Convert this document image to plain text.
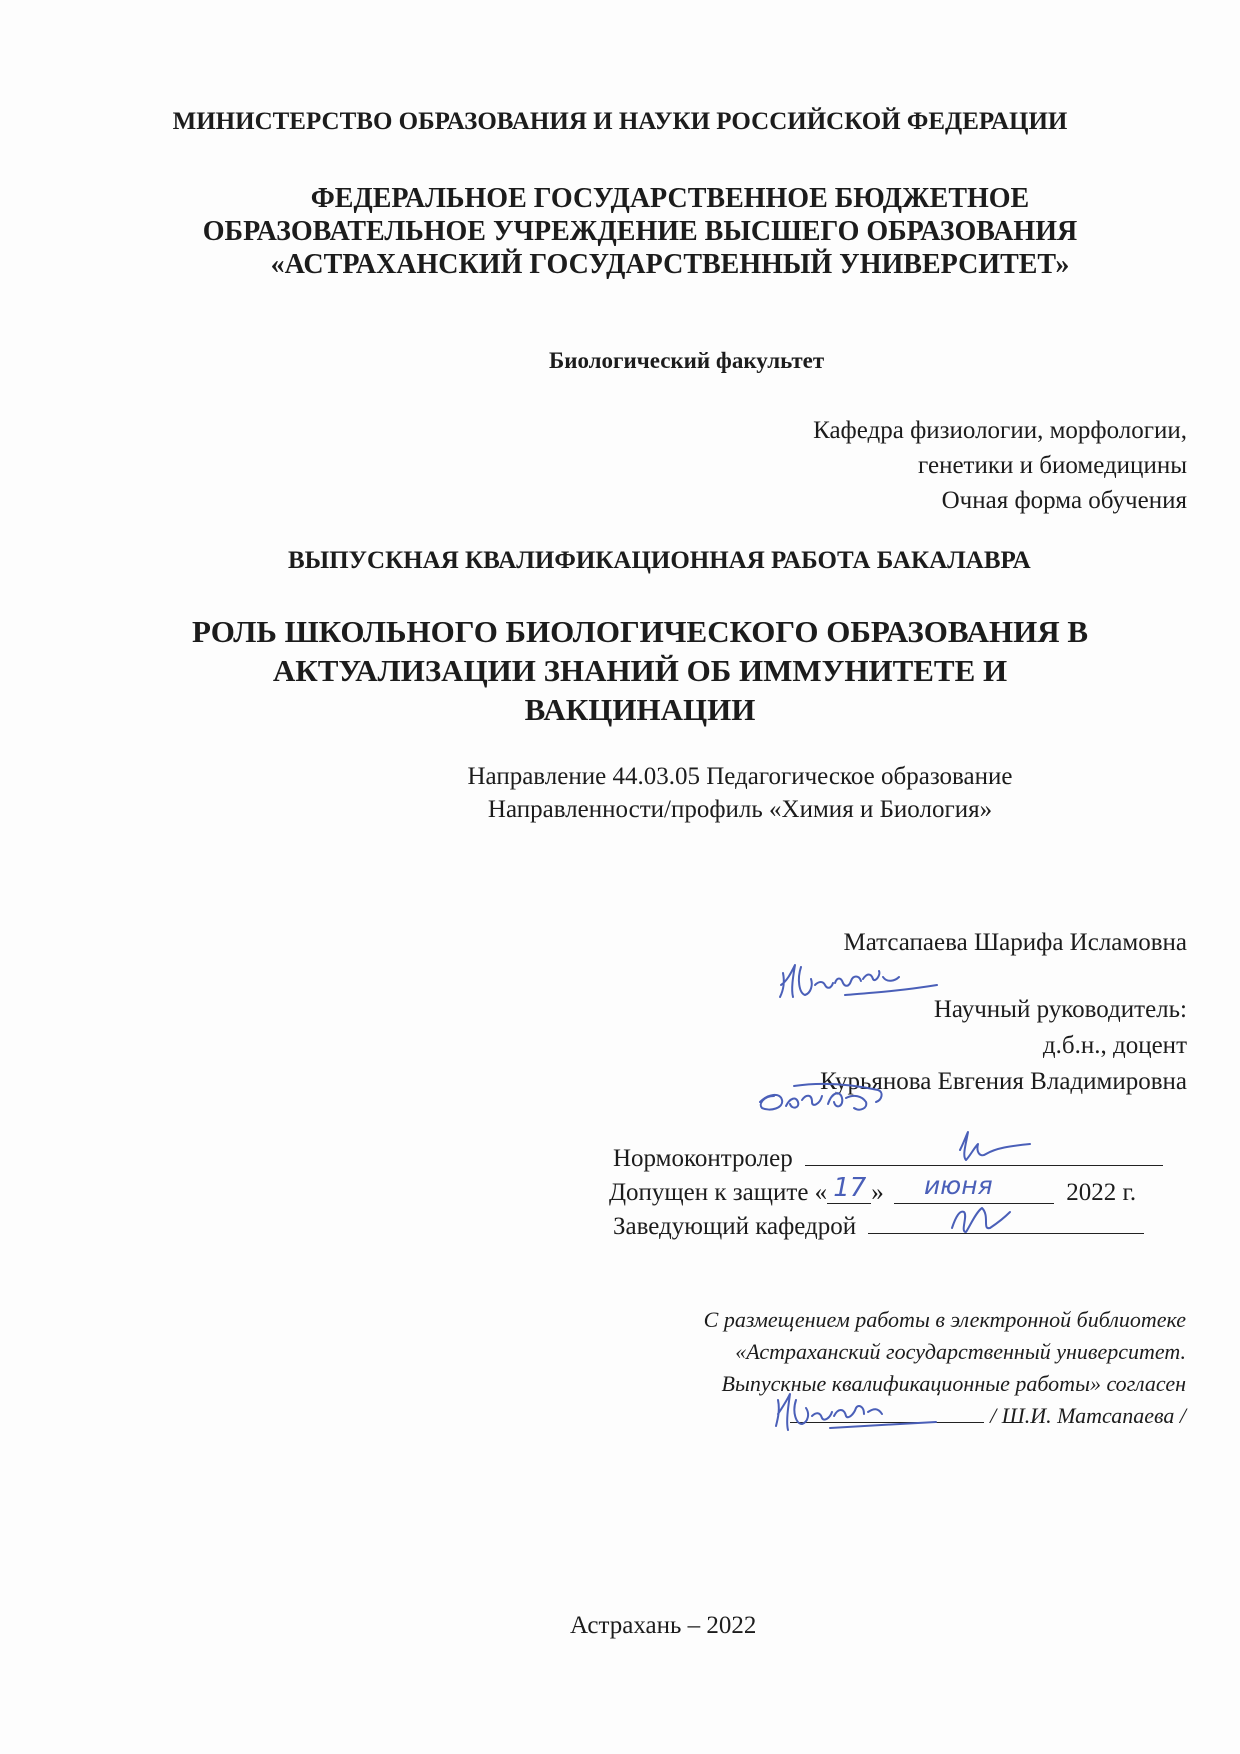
МИНИСТЕРСТВО ОБРАЗОВАНИЯ И НАУКИ РОССИЙСКОЙ ФЕДЕРАЦИИ
ФЕДЕРАЛЬНОЕ ГОСУДАРСТВЕННОЕ БЮДЖЕТНОЕ
ОБРАЗОВАТЕЛЬНОЕ УЧРЕЖДЕНИЕ ВЫСШЕГО ОБРАЗОВАНИЯ
«АСТРАХАНСКИЙ ГОСУДАРСТВЕННЫЙ УНИВЕРСИТЕТ»
Биологический факультет
Кафедра физиологии, морфологии,
генетики и биомедицины
Очная форма обучения
ВЫПУСКНАЯ КВАЛИФИКАЦИОННАЯ РАБОТА БАКАЛАВРА
РОЛЬ ШКОЛЬНОГО БИОЛОГИЧЕСКОГО ОБРАЗОВАНИЯ В
АКТУАЛИЗАЦИИ ЗНАНИЙ ОБ ИММУНИТЕТЕ И
ВАКЦИНАЦИИ
Направление 44.03.05 Педагогическое образование
Направленности/профиль «Химия и Биология»
Матсапаева Шарифа Исламовна
Научный руководитель:
д.б.н., доцент
Курьянова Евгения Владимировна
Нормоконтролер
Допущен к защите « 17 » июня	2022 г.
Заведующий кафедрой
С размещением работы в электронной библиотеке
«Астраханский государственный университет.
Выпускные квалификационные работы» согласен
/ Ш.И. Матсапаева /
Астрахань – 2022
